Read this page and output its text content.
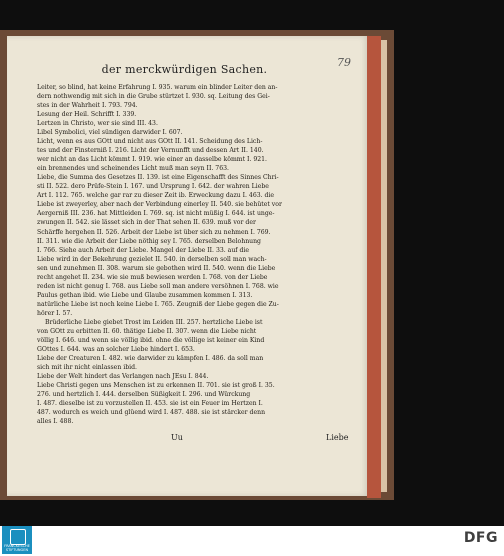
79
der merckwürdigen Sachen.
Leiter, so blind, hat keine Erfahrung I. 935. warum ein blinder Leiter den an-
dern nothwendig mit sich in die Grube stürtzet I. 930. sq. Leitung des Gei-
stes in der Wahrheit I. 793. 794.
Lesung der Heil. Schrifft I. 339.
Lertzen in Christo, wer sie sind III. 43.
Libel Symbolici, viel sündigen darwider I. 607.
Licht, wenn es aus GOtt und nicht aus GOtt II. 141. Scheidung des Lich-
tes und der Finsterniß I. 216. Licht der Vernunfft und dessen Art II. 140.
wer nicht an das Licht kömmt I. 919. wie einer an dasselbe kömmt I. 921.
ein brennendes und scheinendes Licht muß man seyn II. 763.
Liebe, die Summa des Gesetzes II. 139. ist eine Eigenschafft des Sinnes Chri-
sti II. 522. dero Prüfe-Stein I. 167. und Ursprung I. 642. der wahren Liebe
Art I. 112. 765. welche gar rar zu dieser Zeit ib. Erweckung dazu I. 463. die
Liebe ist zweyerley, aber nach der Verbindung einerley II. 540. sie behütet vor
Aergerniß III. 236. hat Mittleiden I. 769. sq. ist nicht müßig I. 644. ist unge-
zwungen II. 542. sie lässet sich in der That sehen II. 639. muß vor der
Schärffe hergehen II. 526. Arbeit der Liebe ist über sich zu nehmen I. 769.
II. 311. wie die Arbeit der Liebe nöthig sey I. 765. derselben Belohnung
I. 766. Siehe auch Arbeit der Liebe. Mangel der Liebe II. 33. auf die
Liebe wird in der Bekehrung gezielet II. 540. in derselben soll man wach-
sen und zunehmen II. 308. warum sie gebothen wird II. 540. wenn die Liebe
recht angehet II. 234. wie sie muß bewiesen werden I. 768. von der Liebe
reden ist nicht genug I. 768. aus Liebe soll man andere versöhnen I. 768. wie
Paulus gethan ibid. wie Liebe und Glaube zusammen kommen I. 313.
natürliche Liebe ist noch keine Liebe I. 765. Zeugniß der Liebe gegen die Zu-
hörer I. 57.
Brüderliche Liebe giebet Trost im Leiden III. 257. hertzliche Liebe ist
von GOtt zu erbitten II. 60. thätige Liebe II. 307. wenn die Liebe nicht
völlig I. 646. und wenn sie völlig ibid. ohne die völlige ist keiner ein Kind
GOttes I. 644. was an solcher Liebe hindert I. 653.
Liebe der Creaturen I. 482. wie darwider zu kämpfen I. 486. da soll man
sich mit ihr nicht einlassen ibid.
Liebe der Welt hindert das Verlangen nach JEsu I. 844.
Liebe Christi gegen uns Menschen ist zu erkennen II. 701. sie ist groß I. 35.
276. und hertzlich I. 444. derselben Süßigkeit I. 296. und Würckung
I. 487. dieselbe ist zu vorzustellen II. 453. sie ist ein Feuer im Hertzen I.
487. wodurch es weich und glüend wird I. 487. 488. sie ist stärcker denn
alles I. 488.
Uu	Liebe
FRANCKESCHE STIFTUNGEN
DFG
